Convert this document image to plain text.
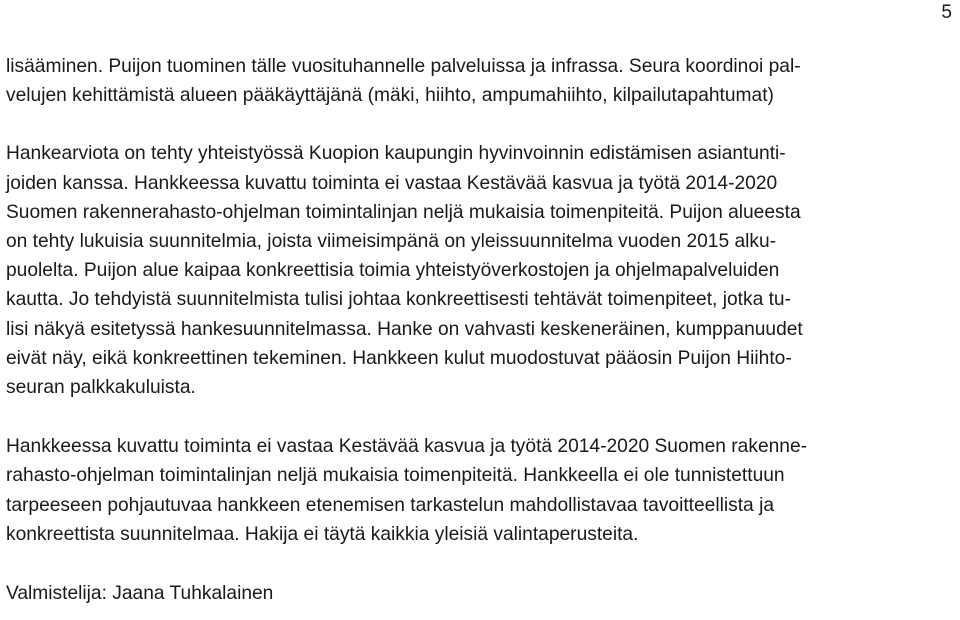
5
lisääminen. Puijon tuominen tälle vuosituhannelle palveluissa ja infrassa. Seura koordinoi pal-
velujen kehittämistä alueen pääkäyttäjänä (mäki, hiihto, ampumahiihto, kilpailutapahtumat)
Hankearviota on tehty yhteistyössä Kuopion kaupungin hyvinvoinnin edistämisen asiantunti-
joiden kanssa. Hankkeessa kuvattu toiminta ei vastaa Kestävää kasvua ja työtä 2014-2020
Suomen rakennerahasto-ohjelman toimintalinjan neljä mukaisia toimenpiteitä. Puijon alueesta
on tehty lukuisia suunnitelmia, joista viimeisimpänä on yleissuunnitelma vuoden 2015 alku-
puolelta. Puijon alue kaipaa konkreettisia toimia yhteistyöverkostojen ja ohjelmapalveluiden
kautta. Jo tehdyistä suunnitelmista tulisi johtaa konkreettisesti tehtävät toimenpiteet, jotka tu-
lisi näkyä esitetyssä hankesuunnitelmassa. Hanke on vahvasti keskeneräinen, kumppanuudet
eivät näy, eikä konkreettinen tekeminen. Hankkeen kulut muodostuvat pääosin Puijon Hiihto-
seuran palkkakuluista.
Hankkeessa kuvattu toiminta ei vastaa Kestävää kasvua ja työtä 2014-2020 Suomen rakenne-
rahasto-ohjelman toimintalinjan neljä mukaisia toimenpiteitä. Hankkeella ei ole tunnistettuun
tarpeeseen pohjautuvaa hankkeen etenemisen tarkastelun mahdollistavaa tavoitteellista ja
konkreettista suunnitelmaa. Hakija ei täytä kaikkia yleisiä valintaperusteita.
Valmistelija: Jaana Tuhkalainen
